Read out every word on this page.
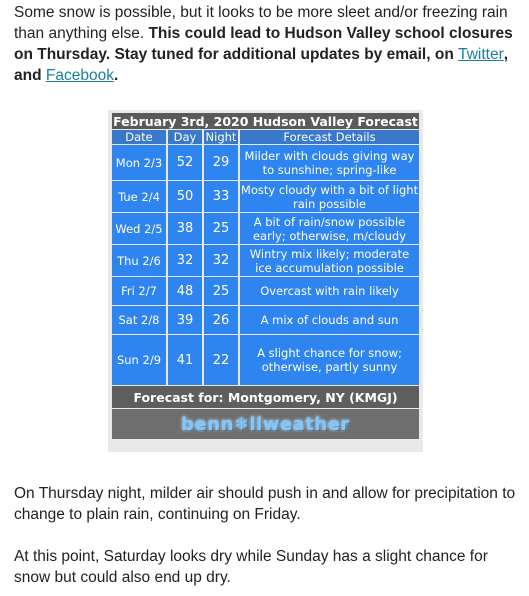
Some snow is possible, but it looks to be more sleet and/or freezing rain than anything else. This could lead to Hudson Valley school closures on Thursday. Stay tuned for additional updates by email, on Twitter, and Facebook.

February 3rd, 2020 Hudson Valley Forecast			
Date	Day	Night	Forecast Details
Mon 2/3	52	29	Milder with clouds giving way to sunshine; spring-like
Tue 2/4	50	33	Mosty cloudy with a bit of light rain possible
Wed 2/5	38	25	A bit of rain/snow possible early; otherwise, m/cloudy
Thu 2/6	32	32	Wintry mix likely; moderate ice accumulation possible
Fri 2/7	48	25	Overcast with rain likely
Sat 2/8	39	26	A mix of clouds and sun
Sun 2/9	41	22	A slight chance for snow; otherwise, partly sunny
Forecast for: Montgomery, NY (KMGJ)			
benn❄llweather			

On Thursday night, milder air should push in and allow for precipitation to change to plain rain, continuing on Friday.

At this point, Saturday looks dry while Sunday has a slight chance for snow but could also end up dry.
